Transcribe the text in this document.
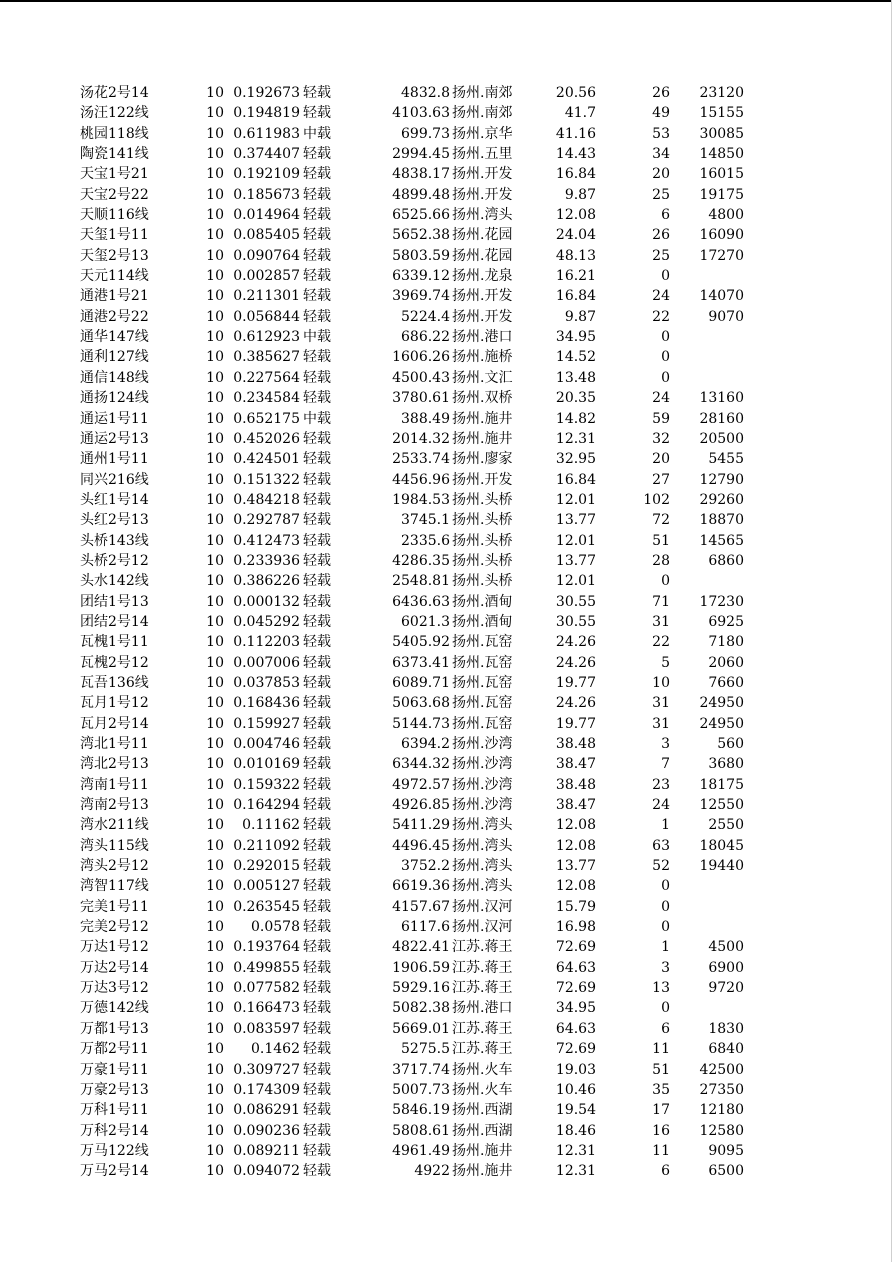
汤花2号14	10 0.192673 轻载	4832.8 扬州.南郊	20.56	26	23120
汤汪122线	10 0.194819 轻载	4103.63 扬州.南郊	41.7	49	15155
桃园118线	10 0.611983 中载	699.73 扬州.京华	41.16	53	30085
陶瓷141线	10 0.374407 轻载	2994.45 扬州.五里	14.43	34	14850
天宝1号21	10 0.192109 轻载	4838.17 扬州.开发	16.84	20	16015
天宝2号22	10 0.185673 轻载	4899.48 扬州.开发	9.87	25	19175
天顺116线	10 0.014964 轻载	6525.66 扬州.湾头	12.08	6	4800
天玺1号11	10 0.085405 轻载	5652.38 扬州.花园	24.04	26	16090
天玺2号13	10 0.090764 轻载	5803.59 扬州.花园	48.13	25	17270
天元114线	10 0.002857 轻载	6339.12 扬州.龙泉	16.21	0
通港1号21	10 0.211301 轻载	3969.74 扬州.开发	16.84	24	14070
通港2号22	10 0.056844 轻载	5224.4 扬州.开发	9.87	22	9070
通华147线	10 0.612923 中载	686.22 扬州.港口	34.95	0
通利127线	10 0.385627 轻载	1606.26 扬州.施桥	14.52	0
通信148线	10 0.227564 轻载	4500.43 扬州.文汇	13.48	0
通扬124线	10 0.234584 轻载	3780.61 扬州.双桥	20.35	24	13160
通运1号11	10 0.652175 中载	388.49 扬州.施井	14.82	59	28160
通运2号13	10 0.452026 轻载	2014.32 扬州.施井	12.31	32	20500
通州1号11	10 0.424501 轻载	2533.74 扬州.廖家	32.95	20	5455
同兴216线	10 0.151322 轻载	4456.96 扬州.开发	16.84	27	12790
头红1号14	10 0.484218 轻载	1984.53 扬州.头桥	12.01	102	29260
头红2号13	10 0.292787 轻载	3745.1 扬州.头桥	13.77	72	18870
头桥143线	10 0.412473 轻载	2335.6 扬州.头桥	12.01	51	14565
头桥2号12	10 0.233936 轻载	4286.35 扬州.头桥	13.77	28	6860
头水142线	10 0.386226 轻载	2548.81 扬州.头桥	12.01	0
团结1号13	10 0.000132 轻载	6436.63 扬州.酒甸	30.55	71	17230
团结2号14	10 0.045292 轻载	6021.3 扬州.酒甸	30.55	31	6925
瓦槐1号11	10 0.112203 轻载	5405.92 扬州.瓦窑	24.26	22	7180
瓦槐2号12	10 0.007006 轻载	6373.41 扬州.瓦窑	24.26	5	2060
瓦吾136线	10 0.037853 轻载	6089.71 扬州.瓦窑	19.77	10	7660
瓦月1号12	10 0.168436 轻载	5063.68 扬州.瓦窑	24.26	31	24950
瓦月2号14	10 0.159927 轻载	5144.73 扬州.瓦窑	19.77	31	24950
湾北1号11	10 0.004746 轻载	6394.2 扬州.沙湾	38.48	3	560
湾北2号13	10 0.010169 轻载	6344.32 扬州.沙湾	38.47	7	3680
湾南1号11	10 0.159322 轻载	4972.57 扬州.沙湾	38.48	23	18175
湾南2号13	10 0.164294 轻载	4926.85 扬州.沙湾	38.47	24	12550
湾水211线	10	0.11162 轻载	5411.29 扬州.湾头	12.08	1	2550
湾头115线	10 0.211092 轻载	4496.45 扬州.湾头	12.08	63	18045
湾头2号12	10 0.292015 轻载	3752.2 扬州.湾头	13.77	52	19440
湾智117线	10 0.005127 轻载	6619.36 扬州.湾头	12.08	0
完美1号11	10 0.263545 轻载	4157.67 扬州.汉河	15.79	0
完美2号12	10	0.0578 轻载	6117.6 扬州.汉河	16.98	0
万达1号12	10 0.193764 轻载	4822.41 江苏.蒋王	72.69	1	4500
万达2号14	10 0.499855 轻载	1906.59 江苏.蒋王	64.63	3	6900
万达3号12	10 0.077582 轻载	5929.16 江苏.蒋王	72.69	13	9720
万德142线	10 0.166473 轻载	5082.38 扬州.港口	34.95	0
万都1号13	10 0.083597 轻载	5669.01 江苏.蒋王	64.63	6	1830
万都2号11	10	0.1462 轻载	5275.5 江苏.蒋王	72.69	11	6840
万豪1号11	10 0.309727 轻载	3717.74 扬州.火车	19.03	51	42500
万豪2号13	10 0.174309 轻载	5007.73 扬州.火车	10.46	35	27350
万科1号11	10 0.086291 轻载	5846.19 扬州.西湖	19.54	17	12180
万科2号14	10 0.090236 轻载	5808.61 扬州.西湖	18.46	16	12580
万马122线	10 0.089211 轻载	4961.49 扬州.施井	12.31	11	9095
万马2号14	10 0.094072 轻载	4922 扬州.施井	12.31	6	6500
